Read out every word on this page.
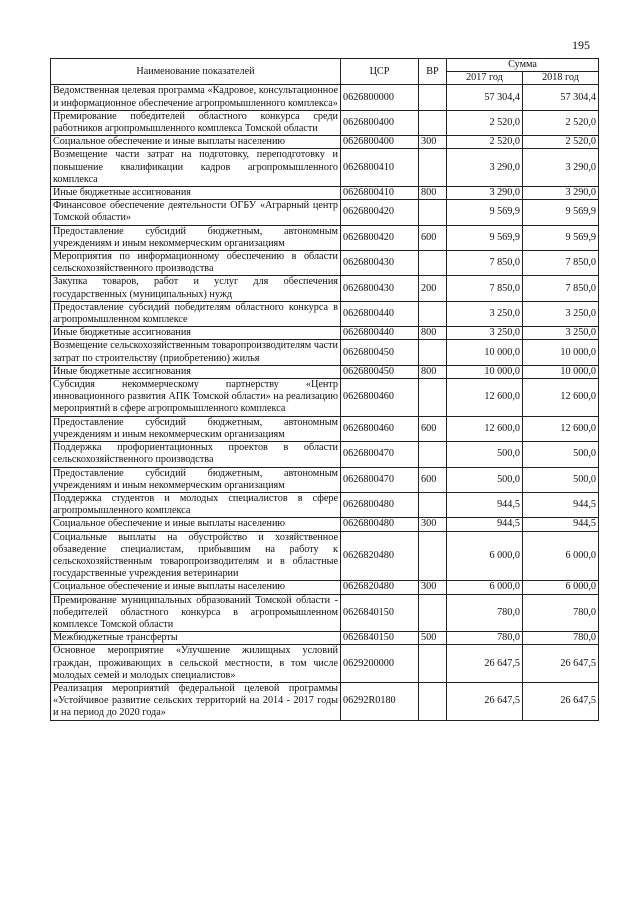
195
Наименование показателей	ЦСР	ВР	Сумма	
			2017 год	2018 год
Ведомственная целевая программа «Кадровое, консультационное и информационное обеспечение агропромышленного комплекса»	0626800000		57 304,4	57 304,4
Премирование победителей областного конкурса среди работников агропромышленного комплекса Томской области	0626800400		2 520,0	2 520,0
Социальное обеспечение и иные выплаты населению	0626800400	300	2 520,0	2 520,0
Возмещение части затрат на подготовку, переподготовку и повышение квалификации кадров агропромышленного комплекса	0626800410		3 290,0	3 290,0
Иные бюджетные ассигнования	0626800410	800	3 290,0	3 290,0
Финансовое обеспечение деятельности ОГБУ «Аграрный центр Томской области»	0626800420		9 569,9	9 569,9
Предоставление субсидий бюджетным, автономным учреждениям и иным некоммерческим организациям	0626800420	600	9 569,9	9 569,9
Мероприятия по информационному обеспечению в области сельскохозяйственного производства	0626800430		7 850,0	7 850,0
Закупка товаров, работ и услуг для обеспечения государственных (муниципальных) нужд	0626800430	200	7 850,0	7 850,0
Предоставление субсидий победителям областного конкурса в агропромышленном комплексе	0626800440		3 250,0	3 250,0
Иные бюджетные ассигнования	0626800440	800	3 250,0	3 250,0
Возмещение сельскохозяйственным товаропроизводителям части затрат по строительству (приобретению) жилья	0626800450		10 000,0	10 000,0
Иные бюджетные ассигнования	0626800450	800	10 000,0	10 000,0
Субсидия некоммерческому партнерству «Центр инновационного развития АПК Томской области» на реализацию мероприятий в сфере агропромышленного комплекса	0626800460		12 600,0	12 600,0
Предоставление субсидий бюджетным, автономным учреждениям и иным некоммерческим организациям	0626800460	600	12 600,0	12 600,0
Поддержка профориентационных проектов в области сельскохозяйственного производства	0626800470		500,0	500,0
Предоставление субсидий бюджетным, автономным учреждениям и иным некоммерческим организациям	0626800470	600	500,0	500,0
Поддержка студентов и молодых специалистов в сфере агропромышленного комплекса	0626800480		944,5	944,5
Социальное обеспечение и иные выплаты населению	0626800480	300	944,5	944,5
Социальные выплаты на обустройство и хозяйственное обзаведение специалистам, прибывшим на работу к сельскохозяйственным товаропроизводителям и в областные государственные учреждения ветеринарии	0626820480		6 000,0	6 000,0
Социальное обеспечение и иные выплаты населению	0626820480	300	6 000,0	6 000,0
Премирование муниципальных образований Томской области - победителей областного конкурса в агропромышленном комплексе Томской области	0626840150		780,0	780,0
Межбюджетные трансферты	0626840150	500	780,0	780,0
Основное мероприятие «Улучшение жилищных условий граждан, проживающих в сельской местности, в том числе молодых семей и молодых специалистов»	0629200000		26 647,5	26 647,5
Реализация мероприятий федеральной целевой программы «Устойчивое развитие сельских территорий на 2014 - 2017 годы и на период до 2020 года»	06292R0180		26 647,5	26 647,5
